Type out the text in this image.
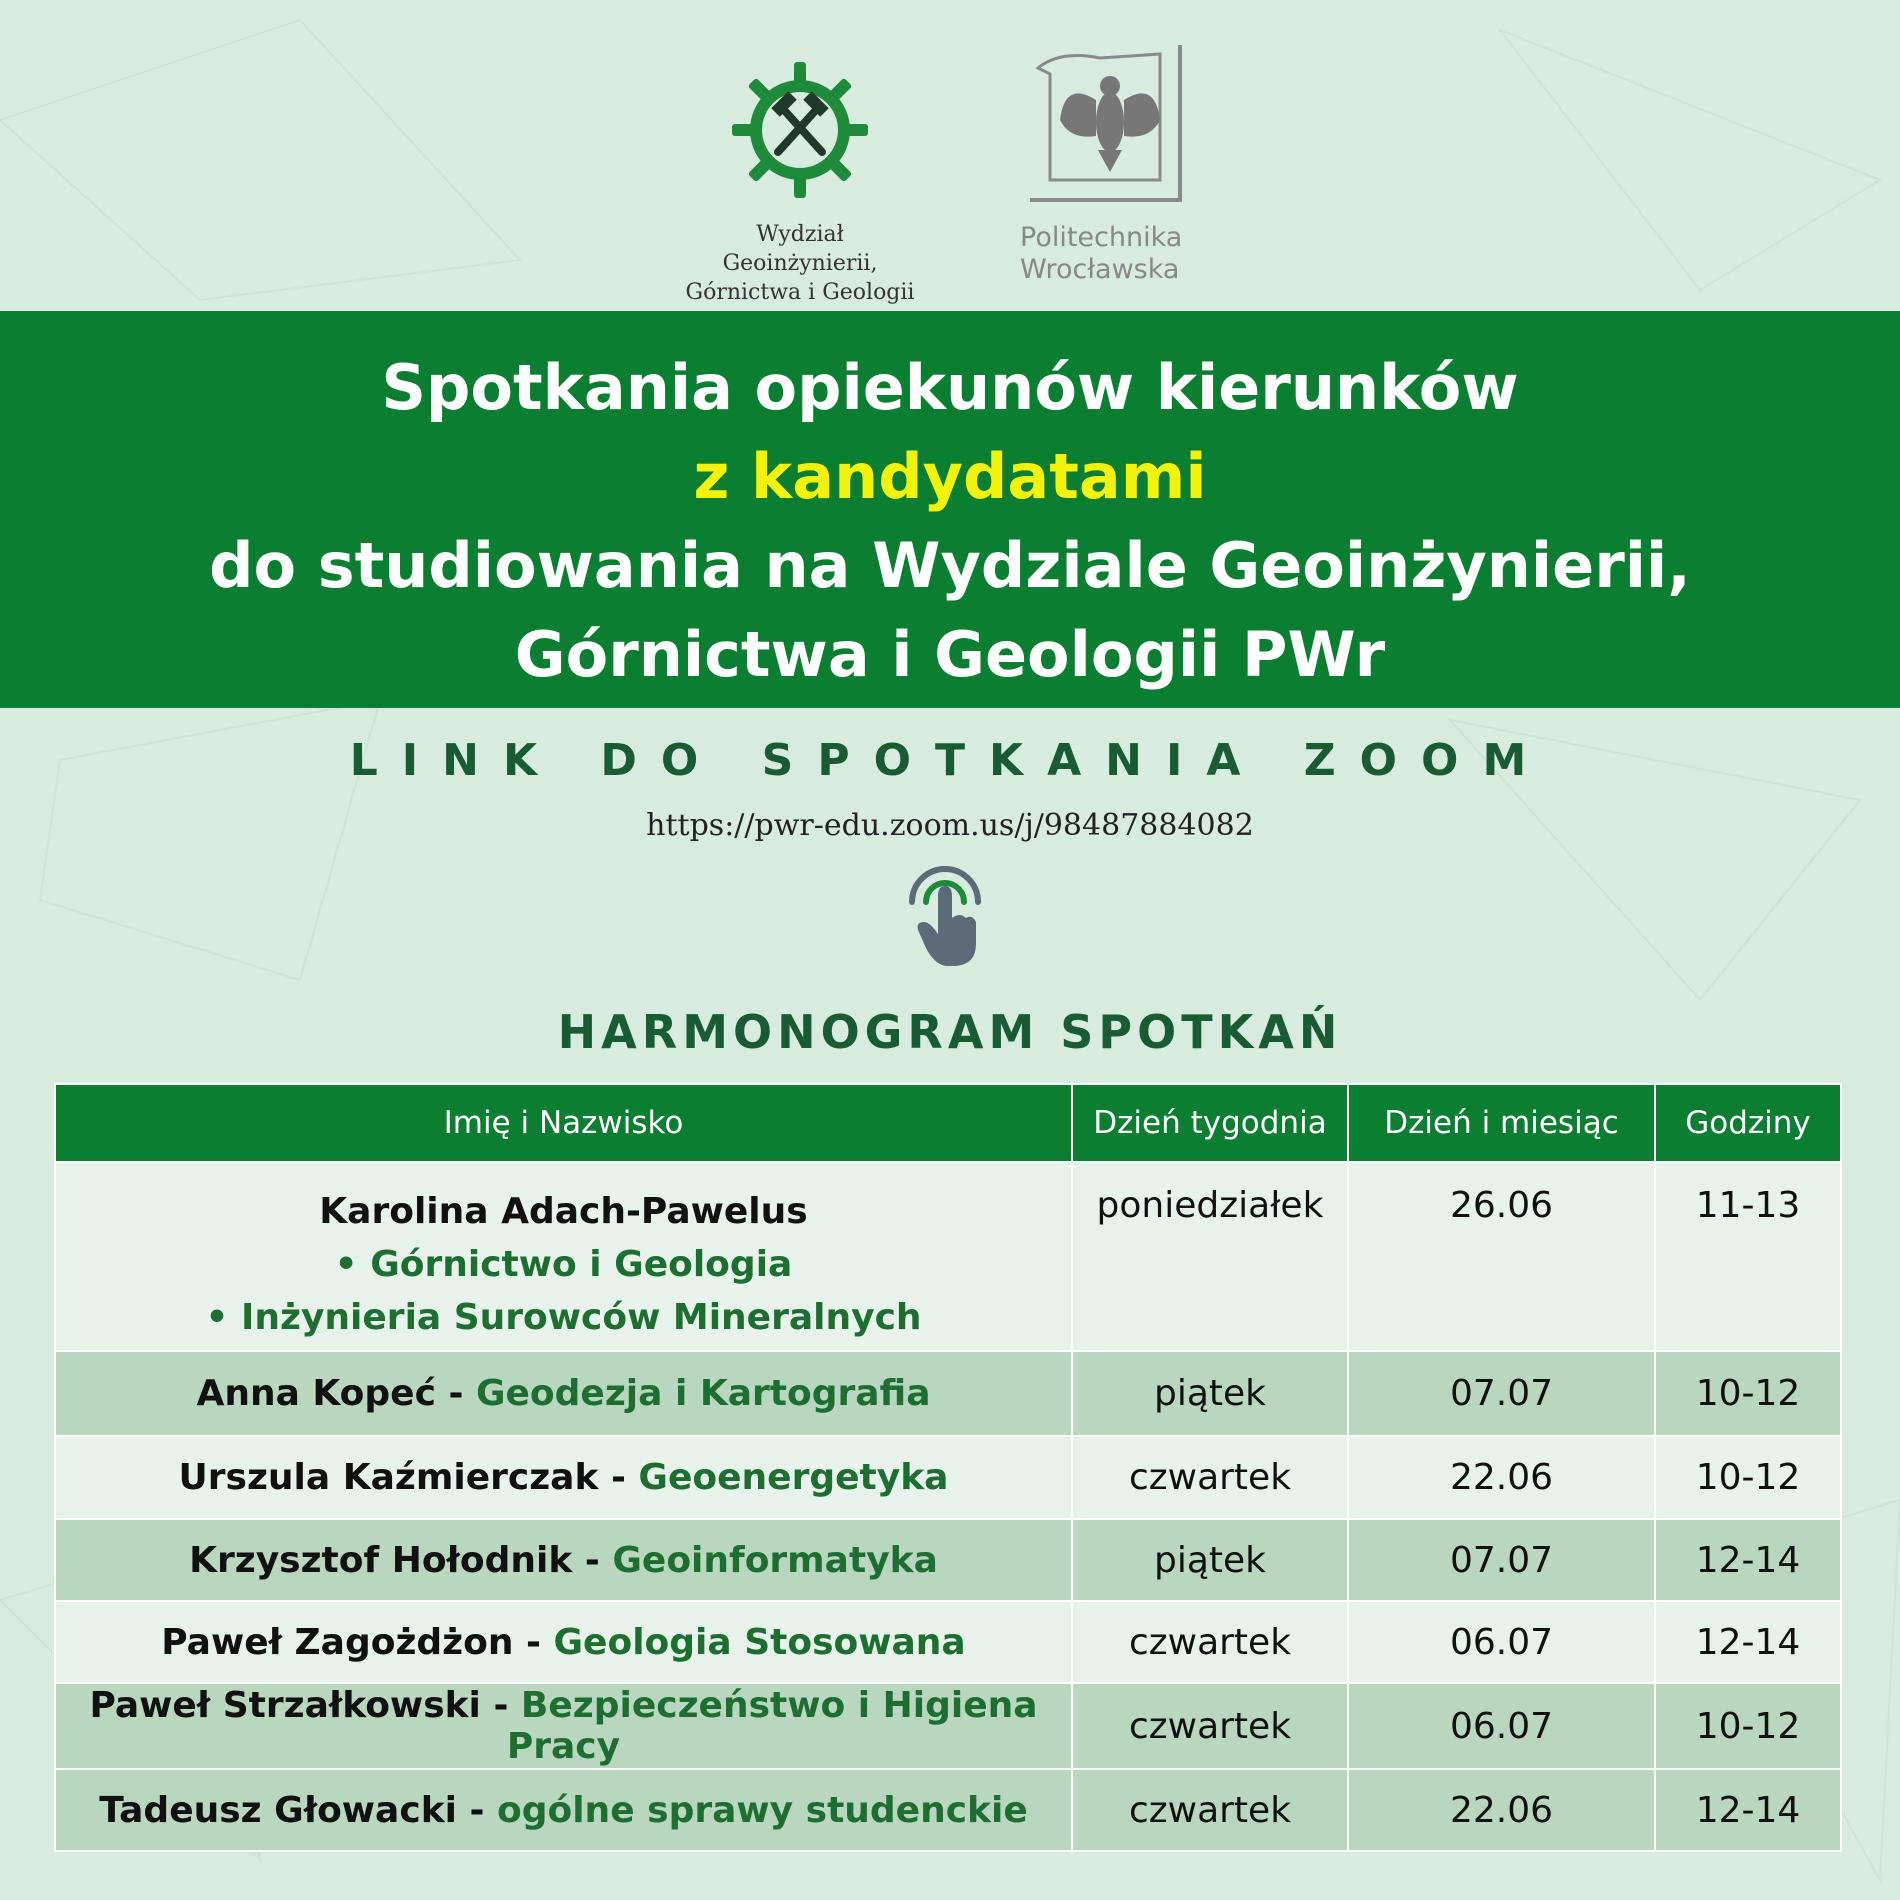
Wydział Geoinżynierii,
Górnictwa i Geologii
Politechnika
Wrocławska
Spotkania opiekunów kierunków
z kandydatami
do studiowania na Wydziale Geoinżynierii,
Górnictwa i Geologii PWr
LINK DO SPOTKANIA ZOOM
https://pwr-edu.zoom.us/j/98487884082
HARMONOGRAM SPOTKAŃ
Imię i Nazwisko	Dzień tygodnia	Dzień i miesiąc	Godziny

Karolina Adach-Pawelus
• Górnictwo i Geologia
• Inżynieria Surowców Mineralnych	poniedziałek	26.06	11-13
Anna Kopeć - Geodezja i Kartografia	piątek	07.07	10-12
Urszula Kaźmierczak - Geoenergetyka	czwartek	22.06	10-12
Krzysztof Hołodnik - Geoinformatyka	piątek	07.07	12-14
Paweł Zagożdżon - Geologia Stosowana	czwartek	06.07	12-14
Paweł Strzałkowski - Bezpieczeństwo i Higiena Pracy	czwartek	06.07	10-12
Tadeusz Głowacki - ogólne sprawy studenckie	czwartek	22.06	12-14
